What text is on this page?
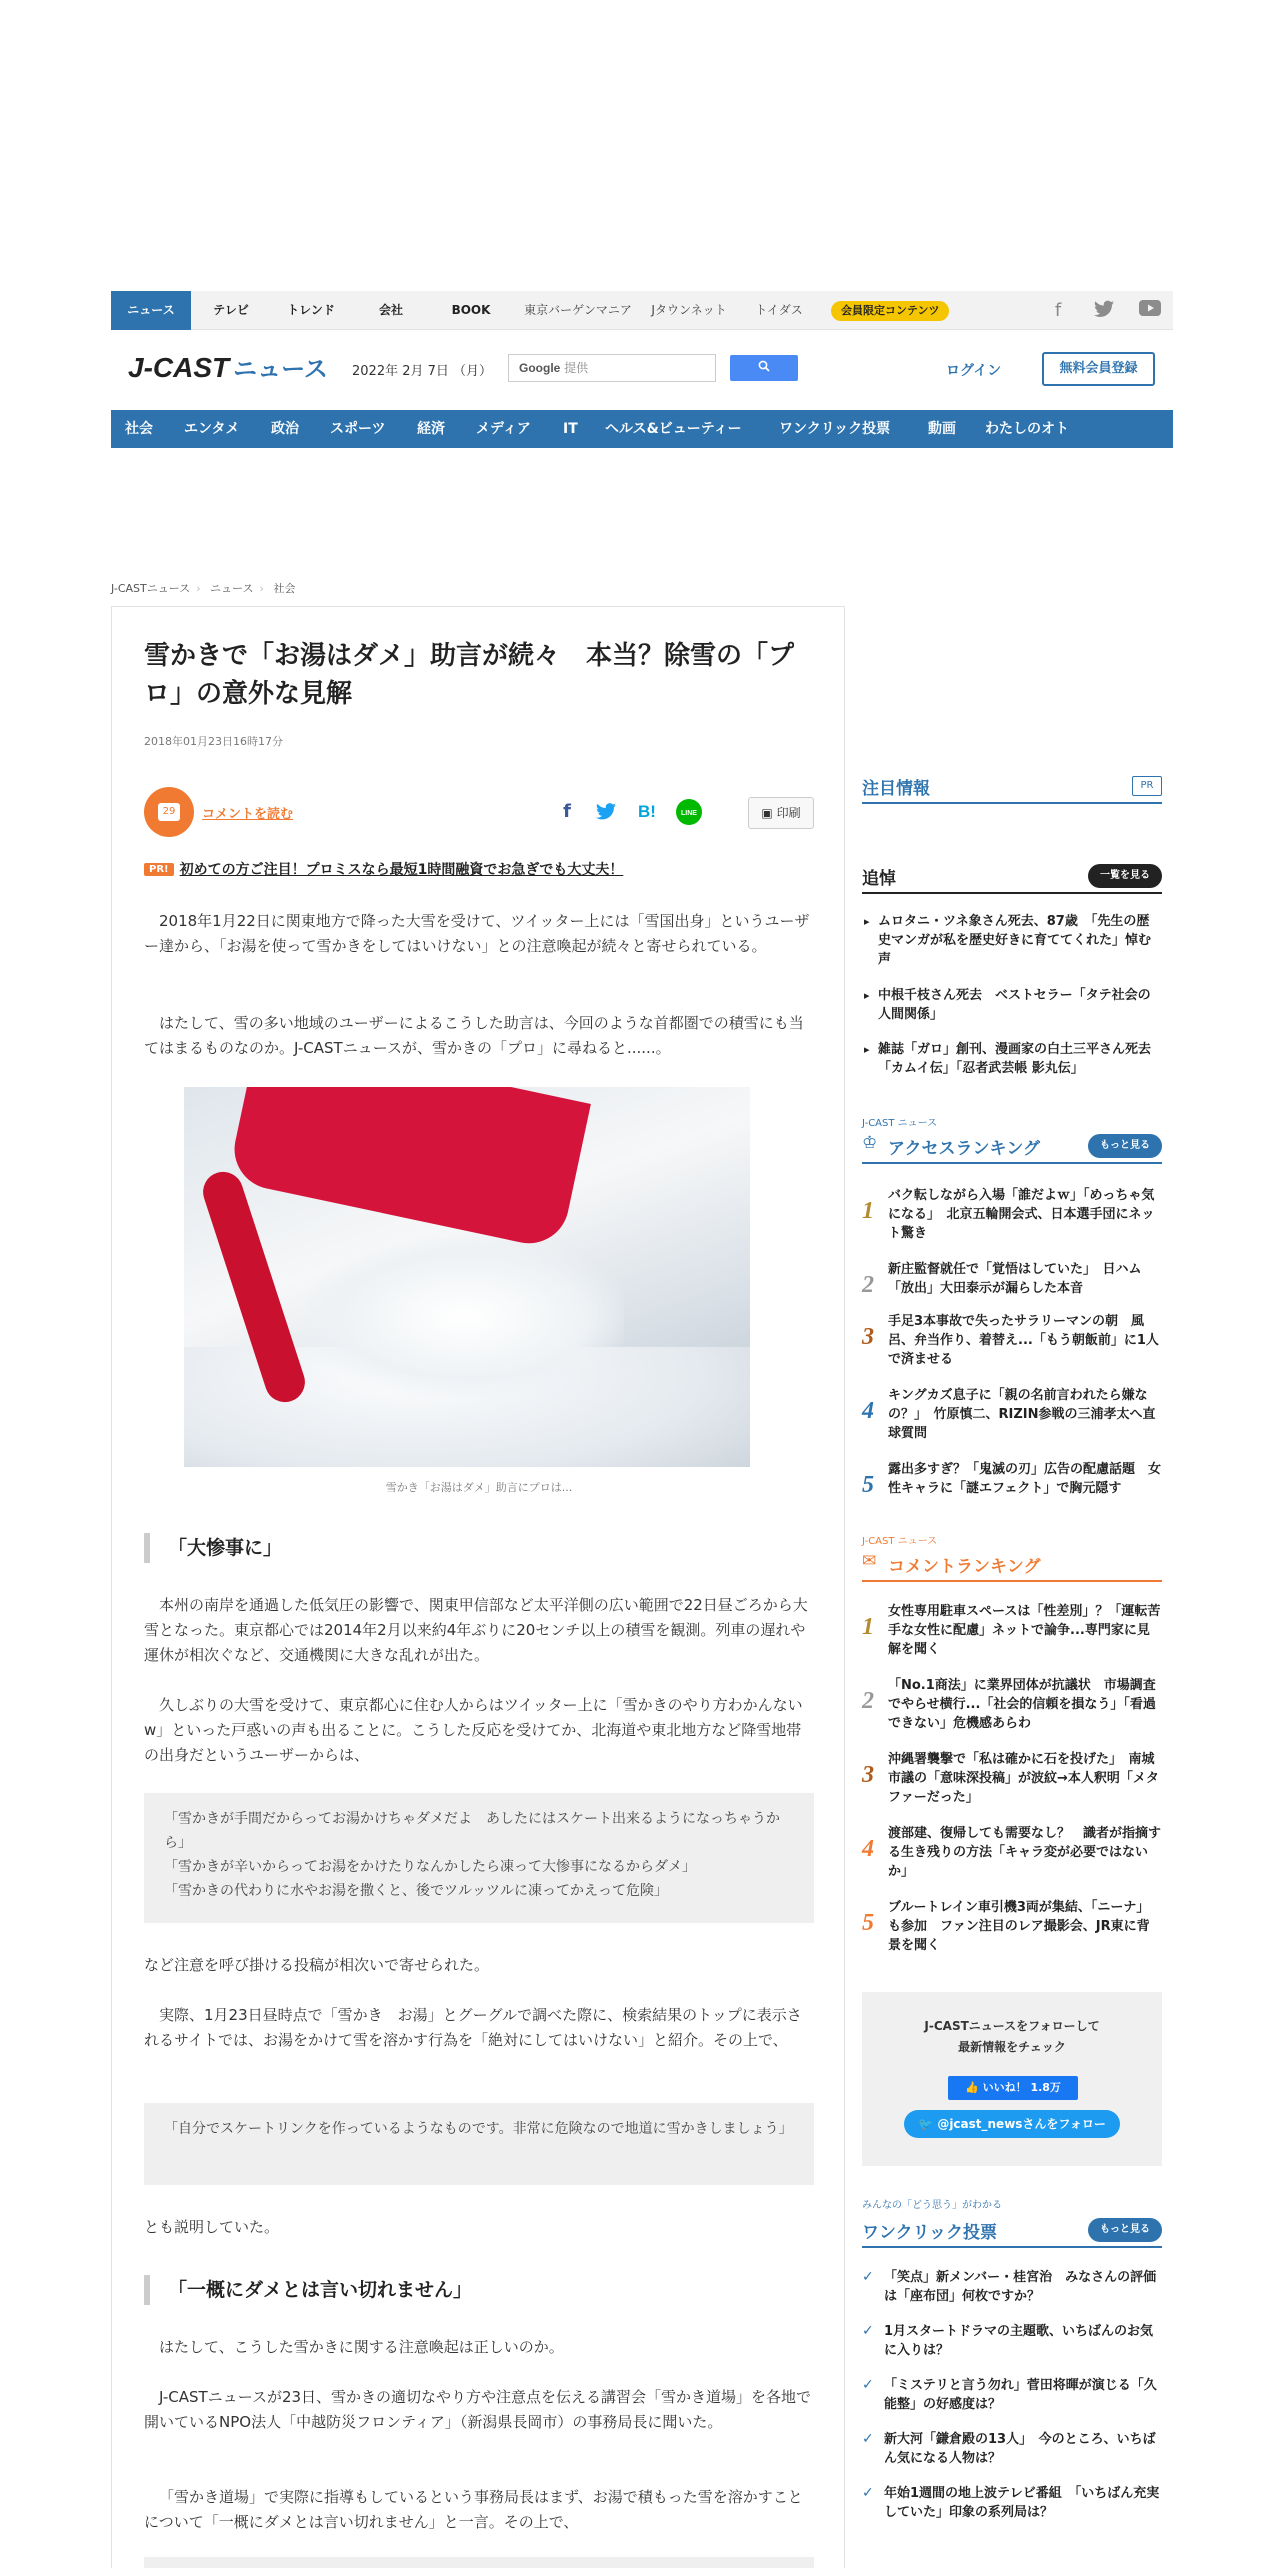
ニュース	テレビ	トレンド	会社	BOOK	東京バーゲンマニア	Jタウンネット	トイダス	会員限定コンテンツ	f
J-CAST ニュース 2022年 2月 7日 （月）	Google 提供	ログイン	無料会員登録
社会 エンタメ 政治 スポーツ 経済 メディア IT ヘルス&ビューティー	ワンクリック投票	動画 わたしのオト
PR
J-CASTニュース › ニュース › 社会
雪かきで「お湯はダメ」助言が続々　本当？除雪の「プロ」の意外な見解
2018年01月23日16時17分
29	コメントを読む	f	B!	LINE	▣ 印刷
PR! 初めての方ご注目！プロミスなら最短1時間融資でお急ぎでも大丈夫！
2018年1月22日に関東地方で降った大雪を受けて、ツイッター上には「雪国出身」というユーザー達から、「お湯を使って雪かきをしてはいけない」との注意喚起が続々と寄せられている。
はたして、雪の多い地域のユーザーによるこうした助言は、今回のような首都圏での積雪にも当てはまるものなのか。J-CASTニュースが、雪かきの「プロ」に尋ねると......。
雪かき「お湯はダメ」助言にプロは...
「大惨事に」
本州の南岸を通過した低気圧の影響で、関東甲信部など太平洋側の広い範囲で22日昼ごろから大雪となった。東京都心では2014年2月以来約4年ぶりに20センチ以上の積雪を観測。列車の遅れや運休が相次ぐなど、交通機関に大きな乱れが出た。
久しぶりの大雪を受けて、東京都心に住む人からはツイッター上に「雪かきのやり方わかんないw」といった戸惑いの声も出ることに。こうした反応を受けてか、北海道や東北地方など降雪地帯の出身だというユーザーからは、
「雪かきが手間だからってお湯かけちゃダメだよ　あしたにはスケート出来るようになっちゃうから」
「雪かきが辛いからってお湯をかけたりなんかしたら凍って大惨事になるからダメ」
「雪かきの代わりに水やお湯を撒くと、後でツルッツルに凍ってかえって危険」
など注意を呼び掛ける投稿が相次いで寄せられた。
実際、1月23日昼時点で「雪かき　お湯」とグーグルで調べた際に、検索結果のトップに表示されるサイトでは、お湯をかけて雪を溶かす行為を「絶対にしてはいけない」と紹介。その上で、
「自分でスケートリンクを作っているようなものです。非常に危険なので地道に雪かきしましょう」
とも説明していた。
「一概にダメとは言い切れません」
はたして、こうした雪かきに関する注意喚起は正しいのか。
J-CASTニュースが23日、雪かきの適切なやり方や注意点を伝える講習会「雪かき道場」を各地で開いているNPO法人「中越防災フロンティア」（新潟県長岡市）の事務局長に聞いた。
「雪かき道場」で実際に指導もしているという事務局長はまず、お湯で積もった雪を溶かすことについて「一概にダメとは言い切れません」と一言。その上で、
注目情報	PR
追悼	一覧を見る
▸ ムロタニ・ツネ象さん死去、87歳　「先生の歴史マンガが私を歴史好きに育ててくれた」悼む声
▸ 中根千枝さん死去　ベストセラー「タテ社会の人間関係」
▸ 雑誌「ガロ」創刊、漫画家の白土三平さん死去　「カムイ伝」「忍者武芸帳 影丸伝」
J-CAST ニュース
♔ アクセスランキング	もっと見る
1
バク転しながら入場「誰だよｗ」「めっちゃ気になる」　北京五輪開会式、日本選手団にネット驚き
2
新庄監督就任で「覚悟はしていた」　日ハム「放出」大田泰示が漏らした本音
3
手足3本事故で失ったサラリーマンの朝　風呂、弁当作り、着替え...「もう朝飯前」に1人で済ませる
4
キングカズ息子に「親の名前言われたら嫌なの？」　竹原慎二、RIZIN参戦の三浦孝太へ直球質問
5
露出多すぎ？「鬼滅の刃」広告の配慮話題　女性キャラに「謎エフェクト」で胸元隠す
J-CAST ニュース
✉ コメントランキング
1
女性専用駐車スペースは「性差別」？「運転苦手な女性に配慮」ネットで論争...専門家に見解を聞く
2
「No.1商法」に業界団体が抗議状　市場調査でやらせ横行...「社会的信頼を損なう」「看過できない」危機感あらわ
3
沖縄署襲撃で「私は確かに石を投げた」　南城市議の「意味深投稿」が波紋→本人釈明「メタファーだった」
4
渡部建、復帰しても需要なし？　識者が指摘する生き残りの方法「キャラ変が必要ではないか」
5
ブルートレイン車引機3両が集結、「ニーナ」も参加　ファン注目のレア撮影会、JR東に背景を聞く
J-CASTニュースをフォローして
最新情報をチェック
👍 いいね！ 1.8万
🐦 @jcast_newsさんをフォロー
みんなの「どう思う」がわかる
ワンクリック投票	もっと見る
✓ 「笑点」新メンバー・桂宮治　みなさんの評価は「座布団」何枚ですか？
✓ 1月スタートドラマの主題歌、いちばんのお気に入りは？
✓ 「ミステリと言う勿れ」菅田将暉が演じる「久能整」の好感度は？
✓ 新大河「鎌倉殿の13人」　今のところ、いちばん気になる人物は？
✓ 年始1週間の地上波テレビ番組　「いちばん充実していた」印象の系列局は？
